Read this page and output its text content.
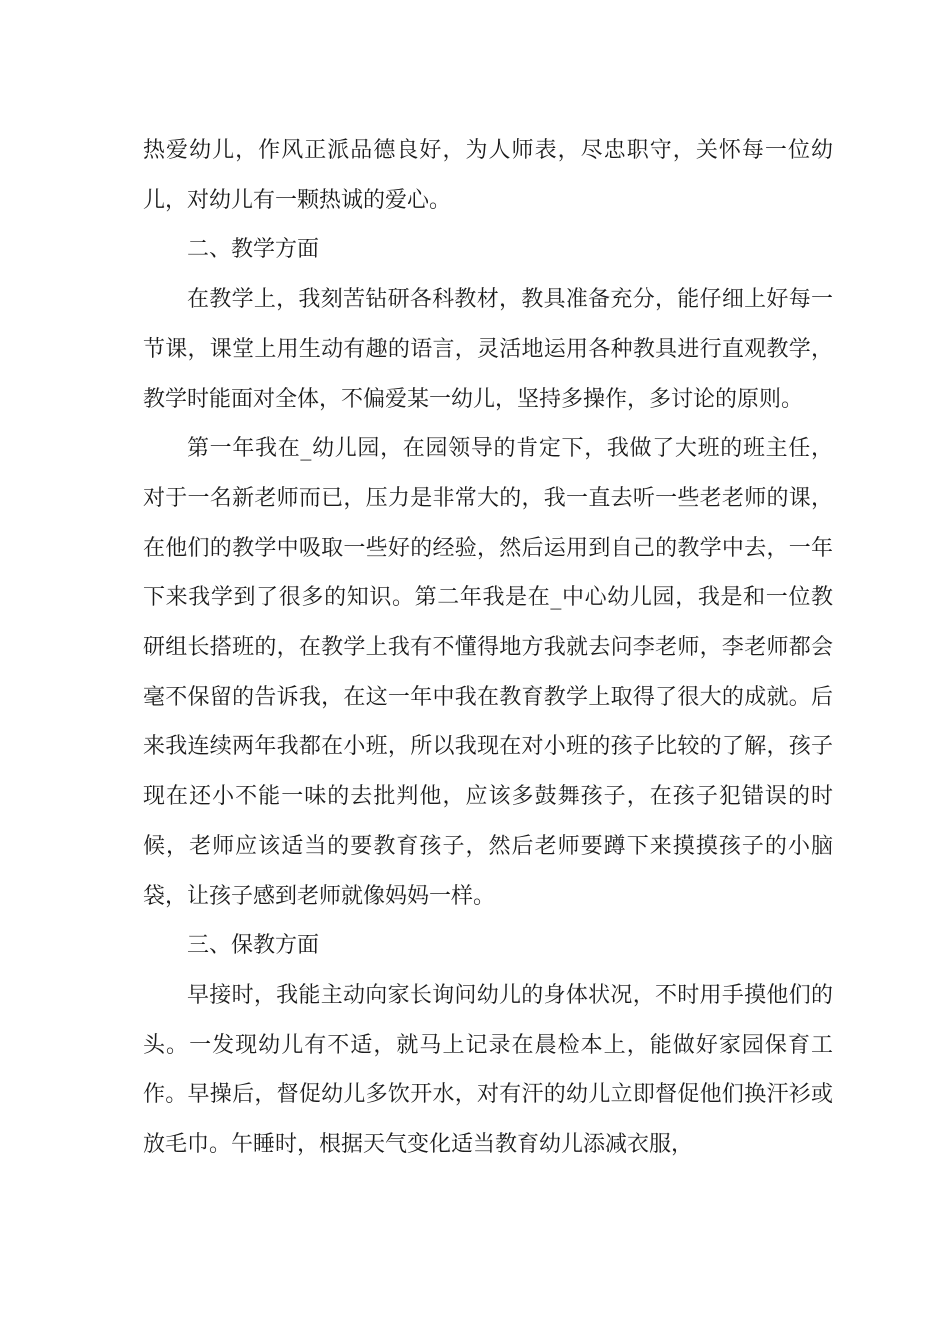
热爱幼儿，作风正派品德良好，为人师表，尽忠职守，关怀每一位幼儿，对幼儿有一颗热诚的爱心。

二、教学方面

在教学上，我刻苦钻研各科教材，教具准备充分，能仔细上好每一节课，课堂上用生动有趣的语言，灵活地运用各种教具进行直观教学，教学时能面对全体，不偏爱某一幼儿，坚持多操作，多讨论的原则。

第一年我在_幼儿园，在园领导的肯定下，我做了大班的班主任，对于一名新老师而已，压力是非常大的，我一直去听一些老老师的课，在他们的教学中吸取一些好的经验，然后运用到自己的教学中去，一年下来我学到了很多的知识。第二年我是在_中心幼儿园，我是和一位教研组长搭班的，在教学上我有不懂得地方我就去问李老师，李老师都会毫不保留的告诉我，在这一年中我在教育教学上取得了很大的成就。后来我连续两年我都在小班，所以我现在对小班的孩子比较的了解，孩子现在还小不能一味的去批判他，应该多鼓舞孩子，在孩子犯错误的时候，老师应该适当的要教育孩子，然后老师要蹲下来摸摸孩子的小脑袋，让孩子感到老师就像妈妈一样。

三、保教方面

早接时，我能主动向家长询问幼儿的身体状况，不时用手摸他们的头。一发现幼儿有不适，就马上记录在晨检本上，能做好家园保育工作。早操后，督促幼儿多饮开水，对有汗的幼儿立即督促他们换汗衫或放毛巾。午睡时，根据天气变化适当教育幼儿添减衣服，
